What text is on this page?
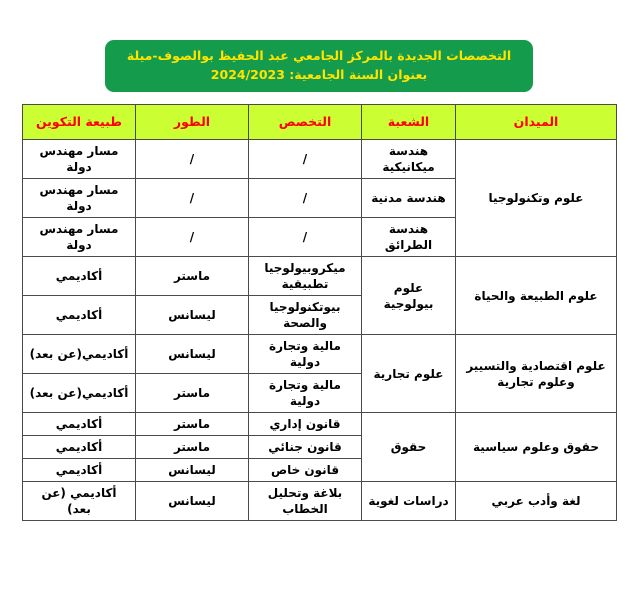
التخصصات الجديدة بالمركز الجامعي عبد الحفيظ بوالصوف-ميلة
بعنوان السنة الجامعية: 2024/2023
الميدان	الشعبة	التخصص	الطور	طبيعة التكوين
علوم وتكنولوجيا	هندسة ميكانيكية	/	/	مسار مهندس دولة
	هندسة مدنية	/	/	مسار مهندس دولة
	هندسة الطرائق	/	/	مسار مهندس دولة
علوم الطبيعة والحياة	علوم بيولوجية	ميكروبيولوجيا تطبيقية	ماستر	أكاديمي
		بيوتكنولوجيا والصحة	ليسانس	أكاديمي
علوم اقتصادية والتسيير وعلوم تجارية	علوم تجارية	مالية وتجارة دولية	ليسانس	أكاديمي(عن بعد)
		مالية وتجارة دولية	ماستر	أكاديمي(عن بعد)
حقوق وعلوم سياسية	حقوق	قانون إداري	ماستر	أكاديمي
		قانون جنائي	ماستر	أكاديمي
		قانون خاص	ليسانس	أكاديمي
لغة وأدب عربي	دراسات لغوية	بلاغة وتحليل الخطاب	ليسانس	أكاديمي (عن بعد)
